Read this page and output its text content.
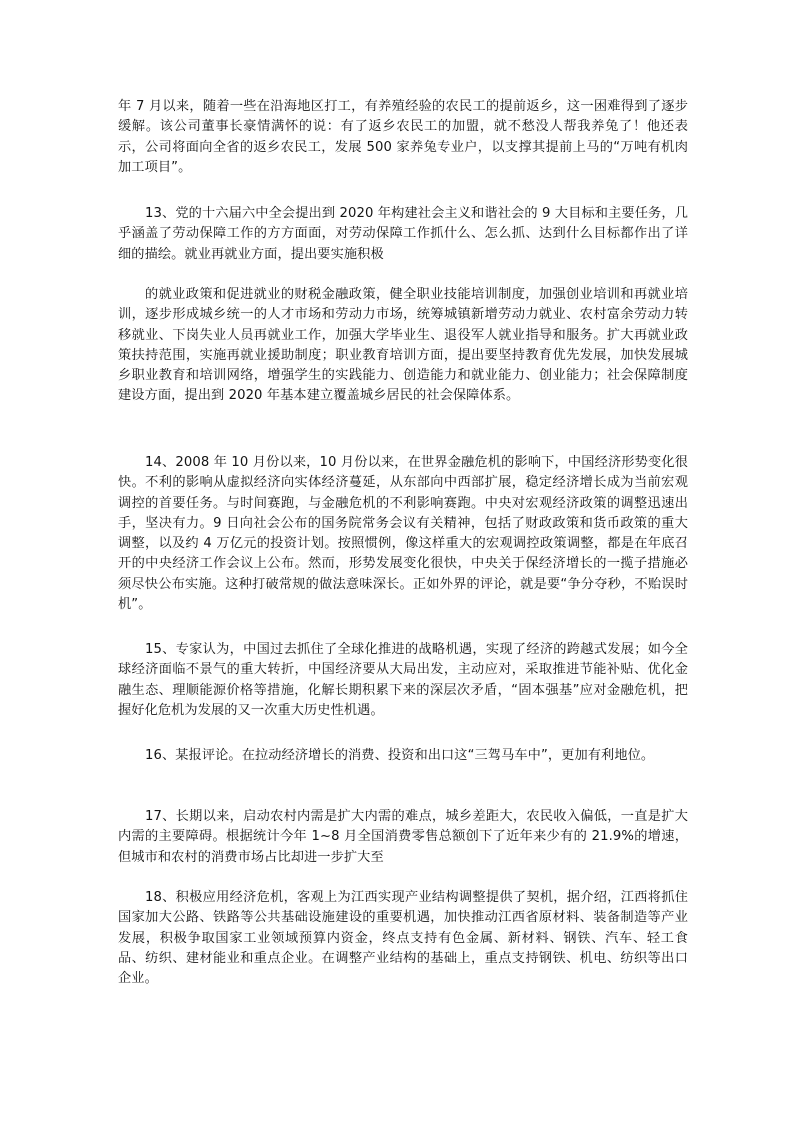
年 7 月以来，随着一些在沿海地区打工，有养殖经验的农民工的提前返乡，这一困难得到了逐步缓解。该公司董事长豪情满怀的说：有了返乡农民工的加盟，就不愁没人帮我养兔了！他还表示，公司将面向全省的返乡农民工，发展 500 家养兔专业户，以支撑其提前上马的“万吨有机肉加工项目”。

13、党的十六届六中全会提出到 2020 年构建社会主义和谐社会的 9 大目标和主要任务，几乎涵盖了劳动保障工作的方方面面，对劳动保障工作抓什么、怎么抓、达到什么目标都作出了详细的描绘。就业再就业方面，提出要实施积极

的就业政策和促进就业的财税金融政策，健全职业技能培训制度，加强创业培训和再就业培训，逐步形成城乡统一的人才市场和劳动力市场，统筹城镇新增劳动力就业、农村富余劳动力转移就业、下岗失业人员再就业工作，加强大学毕业生、退役军人就业指导和服务。扩大再就业政策扶持范围，实施再就业援助制度；职业教育培训方面，提出要坚持教育优先发展，加快发展城乡职业教育和培训网络，增强学生的实践能力、创造能力和就业能力、创业能力；社会保障制度建设方面，提出到 2020 年基本建立覆盖城乡居民的社会保障体系。

14、2008 年 10 月份以来，10 月份以来，在世界金融危机的影响下，中国经济形势变化很快。不利的影响从虚拟经济向实体经济蔓延，从东部向中西部扩展，稳定经济增长成为当前宏观调控的首要任务。与时间赛跑，与金融危机的不利影响赛跑。中央对宏观经济政策的调整迅速出手，坚决有力。9 日向社会公布的国务院常务会议有关精神，包括了财政政策和货币政策的重大调整，以及约 4 万亿元的投资计划。按照惯例，像这样重大的宏观调控政策调整，都是在年底召开的中央经济工作会议上公布。然而，形势发展变化很快，中央关于保经济增长的一揽子措施必须尽快公布实施。这种打破常规的做法意味深长。正如外界的评论，就是要“争分夺秒，不贻误时机”。

15、专家认为，中国过去抓住了全球化推进的战略机遇，实现了经济的跨越式发展；如今全球经济面临不景气的重大转折，中国经济要从大局出发，主动应对，采取推进节能补贴、优化金融生态、理顺能源价格等措施，化解长期积累下来的深层次矛盾，“固本强基”应对金融危机，把握好化危机为发展的又一次重大历史性机遇。

16、某报评论。在拉动经济增长的消费、投资和出口这“三驾马车中”，更加有利地位。

17、长期以来，启动农村内需是扩大内需的难点，城乡差距大，农民收入偏低，一直是扩大内需的主要障碍。根据统计今年 1~8 月全国消费零售总额创下了近年来少有的 21.9%的增速，但城市和农村的消费市场占比却进一步扩大至

18、积极应用经济危机，客观上为江西实现产业结构调整提供了契机，据介绍，江西将抓住国家加大公路、铁路等公共基础设施建设的重要机遇，加快推动江西省原材料、装备制造等产业发展，积极争取国家工业领域预算内资金，终点支持有色金属、新材料、钢铁、汽车、轻工食品、纺织、建材能业和重点企业。在调整产业结构的基础上，重点支持钢铁、机电、纺织等出口企业。
